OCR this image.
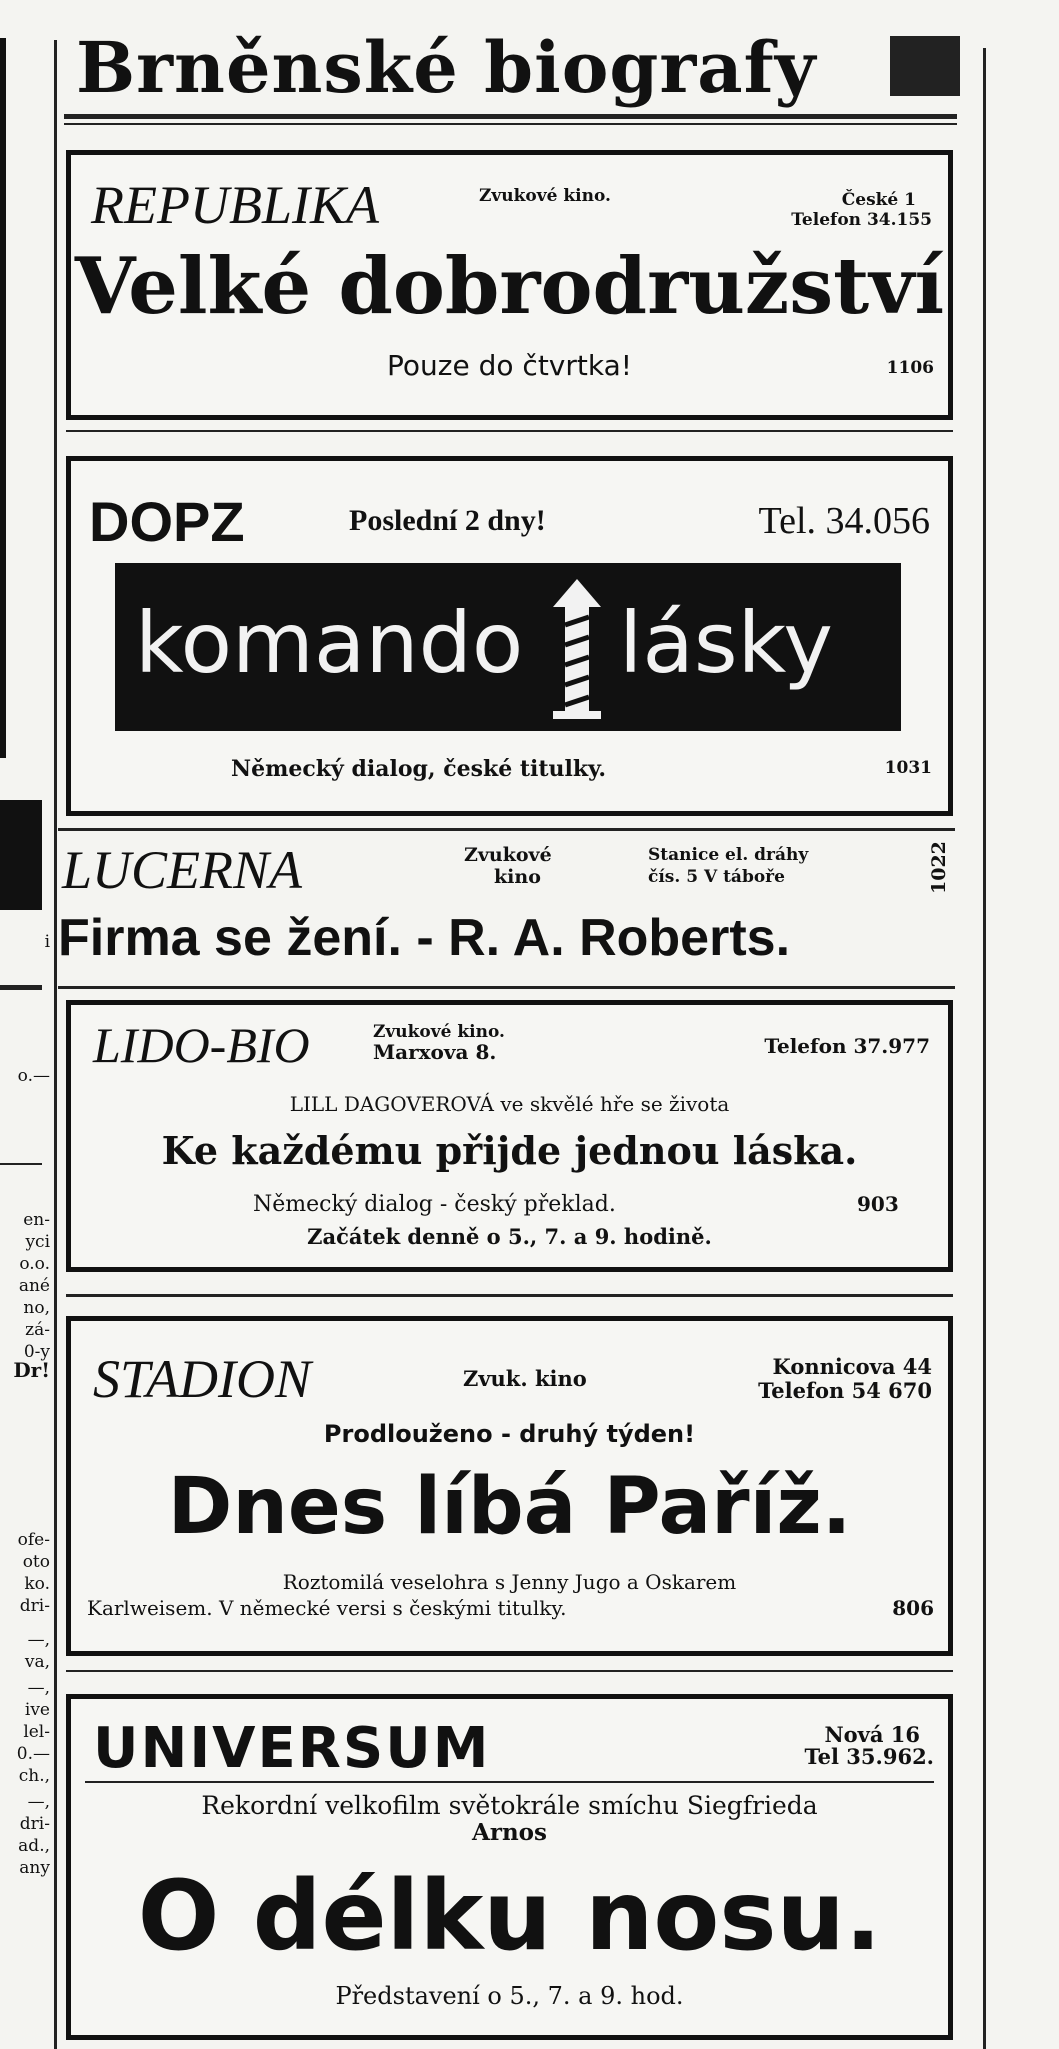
i
o.—
en-
yci
o.o.
ané
no,
zá-
0-y
Dr!
ofe-
oto
ko.
dri-
—,
va,
—,
ive
lel-
0.—
ch.,
—,
dri-
ad.,
any
Brněnské biografy
REPUBLIKA	Zvukové kino.	České 1
Telefon 34.155
Velké dobrodružství
Pouze do čtvrtka!	1106
DOPZ	Poslední 2 dny!	Tel. 34.056
komando lásky
Německý dialog, české titulky.	1031
LUCERNA	Zvukové
kino
Stanice el. dráhy
čís. 5 V táboře	1022
Firma se žení. - R. A. Roberts.
LIDO-BIO	Zvukové kino.
Marxova 8.	Telefon 37.977
LILL DAGOVEROVÁ ve skvělé hře se života
Ke každému přijde jednou láska.
Německý dialog - český překlad.	903
Začátek denně o 5., 7. a 9. hodině.
STADION	Zvuk. kino	Konnicova 44
Telefon 54 670
Prodlouženo - druhý týden!
Dnes líbá Paříž.
Roztomilá veselohra s Jenny Jugo a Oskarem
Karlweisem. V německé versi s českými titulky.	806
UNIVERSUM	Nová 16
Tel 35.962.
Rekordní velkofilm světokrále smíchu Siegfrieda
Arnos
O délku nosu.
Představení o 5., 7. a 9. hod.
